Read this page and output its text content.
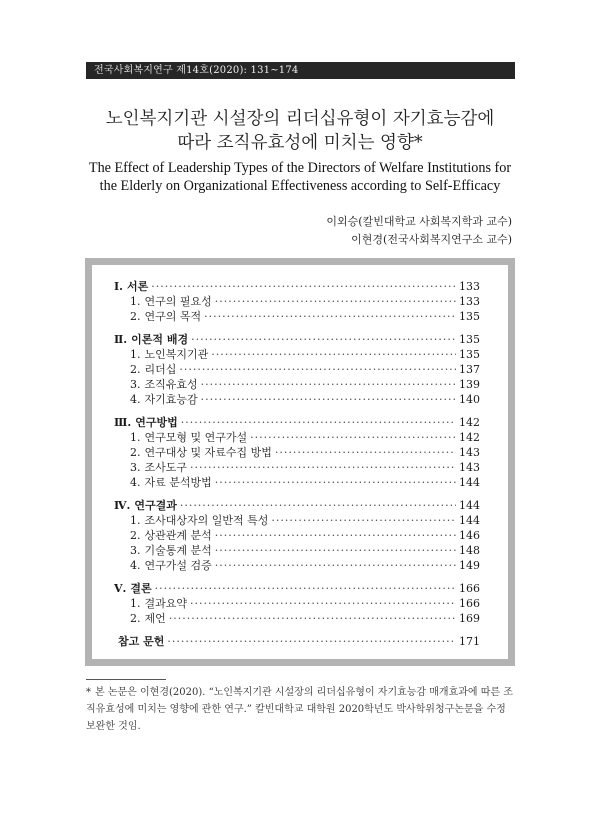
전국사회복지연구 제14호(2020): 131~174
노인복지기관 시설장의 리더십유형이 자기효능감에
따라 조직유효성에 미치는 영향*
The Effect of Leadership Types of the Directors of Welfare Institutions for
the Elderly on Organizational Effectiveness according to Self-Efficacy
이외승(칼빈대학교 사회복지학과 교수)
이현경(전국사회복지연구소 교수)
Ⅰ. 서론 ·····	133
1. 연구의 필요성 ·····	133
2. 연구의 목적 ·····	135
Ⅱ. 이론적 배경 ·····	135
1. 노인복지기관 ·····	135
2. 리더십 ·····	137
3. 조직유효성 ·····	139
4. 자기효능감 ·····	140
Ⅲ. 연구방법 ·····	142
1. 연구모형 및 연구가설 ·····	142
2. 연구대상 및 자료수집 방법 ·····	143
3. 조사도구 ·····	143
4. 자료 분석방법 ·····	144
Ⅳ. 연구결과 ·····	144
1. 조사대상자의 일반적 특성 ·····	144
2. 상관관계 분석 ·····	146
3. 기술통계 분석 ·····	148
4. 연구가설 검증 ·····	149
Ⅴ. 결론 ·····	166
1. 결과요약 ·····	166
2. 제언 ·····	169
참고 문헌 ·····	171
* 본 논문은 이현경(2020). “노인복지기관 시설장의 리더십유형이 자기효능감 매개효과에 따른 조직유효성에 미치는 영향에 관한 연구.” 칼빈대학교 대학원 2020학년도 박사학위청구논문을 수정 보완한 것임.
